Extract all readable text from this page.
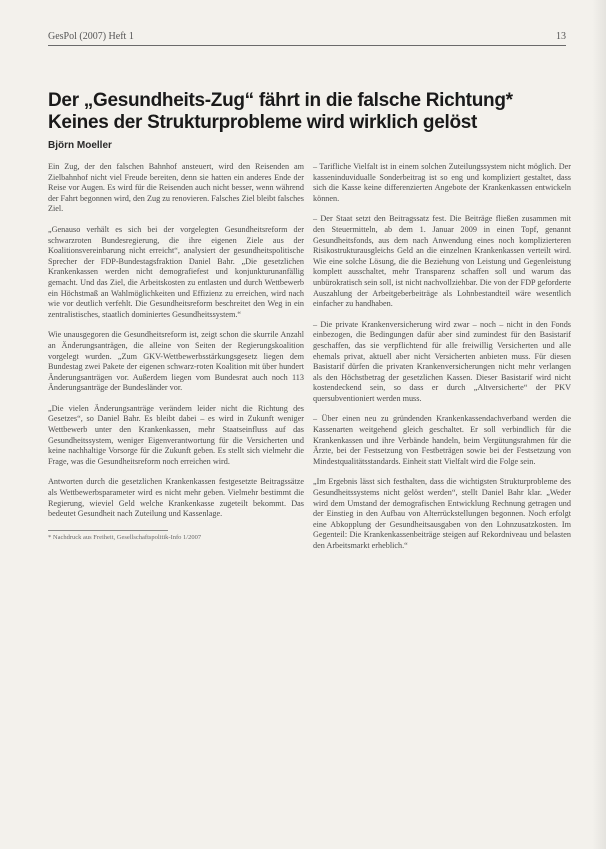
GesPol (2007) Heft 1	13
Der „Gesundheits-Zug“ fährt in die falsche Richtung*
Keines der Strukturprobleme wird wirklich gelöst
Björn Moeller

Ein Zug, der den falschen Bahnhof ansteuert, wird den Reisenden am Zielbahnhof nicht viel Freude bereiten, denn sie hatten ein anderes Ende der Reise vor Augen. Es wird für die Reisenden auch nicht besser, wenn während der Fahrt begonnen wird, den Zug zu renovieren. Falsches Ziel bleibt falsches Ziel.

„Genauso verhält es sich bei der vorgelegten Gesundheitsreform der schwarzroten Bundesregierung, die ihre eigenen Ziele aus der Koalitionsvereinbarung nicht erreicht“, analysiert der gesundheitspolitische Sprecher der FDP-Bundestagsfraktion Daniel Bahr. „Die gesetzlichen Krankenkassen werden nicht demografiefest und konjunkturunanfällig gemacht. Und das Ziel, die Arbeitskosten zu entlasten und durch Wettbewerb ein Höchstmaß an Wahlmöglichkeiten und Effizienz zu erreichen, wird nach wie vor deutlich verfehlt. Die Gesundheitsreform beschreitet den Weg in ein zentralistisches, staatlich dominiertes Gesundheitssystem.“

Wie unausgegoren die Gesundheitsreform ist, zeigt schon die skurrile Anzahl an Änderungsanträgen, die alleine von Seiten der Regierungskoalition vorgelegt wurden. „Zum GKV-Wettbewerbsstärkungsgesetz liegen dem Bundestag zwei Pakete der eigenen schwarz-roten Koalition mit über hundert Änderungsanträgen vor. Außerdem liegen vom Bundesrat auch noch 113 Änderungsanträge der Bundesländer vor.

„Die vielen Änderungsanträge verändern leider nicht die Richtung des Gesetzes“, so Daniel Bahr. Es bleibt dabei – es wird in Zukunft weniger Wettbewerb unter den Krankenkassen, mehr Staatseinfluss auf das Gesundheitssystem, weniger Eigenverantwortung für die Versicherten und keine nachhaltige Vorsorge für die Zukunft geben. Es stellt sich vielmehr die Frage, was die Gesundheitsreform noch erreichen wird.

Antworten durch die gesetzlichen Krankenkassen festgesetzte Beitragssätze als Wettbewerbsparameter wird es nicht mehr geben. Vielmehr bestimmt die Regierung, wieviel Geld welche Krankenkasse zugeteilt bekommt. Das bedeutet Gesundheit nach Zuteilung und Kassenlage.

* Nachdruck aus Freiheit, Gesellschaftspolitik-Info 1/2007

– Tarifliche Vielfalt ist in einem solchen Zuteilungssystem nicht möglich. Der kasseninduvidualle Sonderbeitrag ist so eng und kompliziert gestaltet, dass sich die Kasse keine differenzierten Angebote der Krankenkassen entwickeln können.

– Der Staat setzt den Beitragssatz fest. Die Beiträge fließen zusammen mit den Steuermitteln, ab dem 1. Januar 2009 in einen Topf, genannt Gesundheitsfonds, aus dem nach Anwendung eines noch komplizierteren Risikostrukturausgleichs Geld an die einzelnen Krankenkassen verteilt wird. Wie eine solche Lösung, die die Beziehung von Leistung und Gegenleistung komplett ausschaltet, mehr Transparenz schaffen soll und warum das unbürokratisch sein soll, ist nicht nachvollziehbar. Die von der FDP geforderte Auszahlung der Arbeitgeberbeiträge als Lohnbestandteil wäre wesentlich einfacher zu handhaben.

– Die private Krankenversicherung wird zwar – noch – nicht in den Fonds einbezogen, die Bedingungen dafür aber sind zumindest für den Basistarif geschaffen, das sie verpflichtend für alle freiwillig Versicherten und alle ehemals privat, aktuell aber nicht Versicherten anbieten muss. Für diesen Basistarif dürfen die privaten Krankenversicherungen nicht mehr verlangen als den Höchstbetrag der gesetzlichen Kassen. Dieser Basistarif wird nicht kostendeckend sein, so dass er durch „Altversicherte“ der PKV quersubventioniert werden muss.

– Über einen neu zu gründenden Krankenkassendachverband werden die Kassenarten weitgehend gleich geschaltet. Er soll verbindlich für die Krankenkassen und ihre Verbände handeln, beim Vergütungsrahmen für die Ärzte, bei der Festsetzung von Festbeträgen sowie bei der Festsetzung von Mindestqualitätsstandards. Einheit statt Vielfalt wird die Folge sein.

„Im Ergebnis lässt sich festhalten, dass die wichtigsten Strukturprobleme des Gesundheitssystems nicht gelöst werden“, stellt Daniel Bahr klar. „Weder wird dem Umstand der demografischen Entwicklung Rechnung getragen und der Einstieg in den Aufbau von Alterrückstellungen begonnen. Noch erfolgt eine Abkopplung der Gesundheitsausgaben von den Lohnzusatzkosten. Im Gegenteil: Die Krankenkassenbeiträge steigen auf Rekordniveau und belasten den Arbeitsmarkt erheblich.“
